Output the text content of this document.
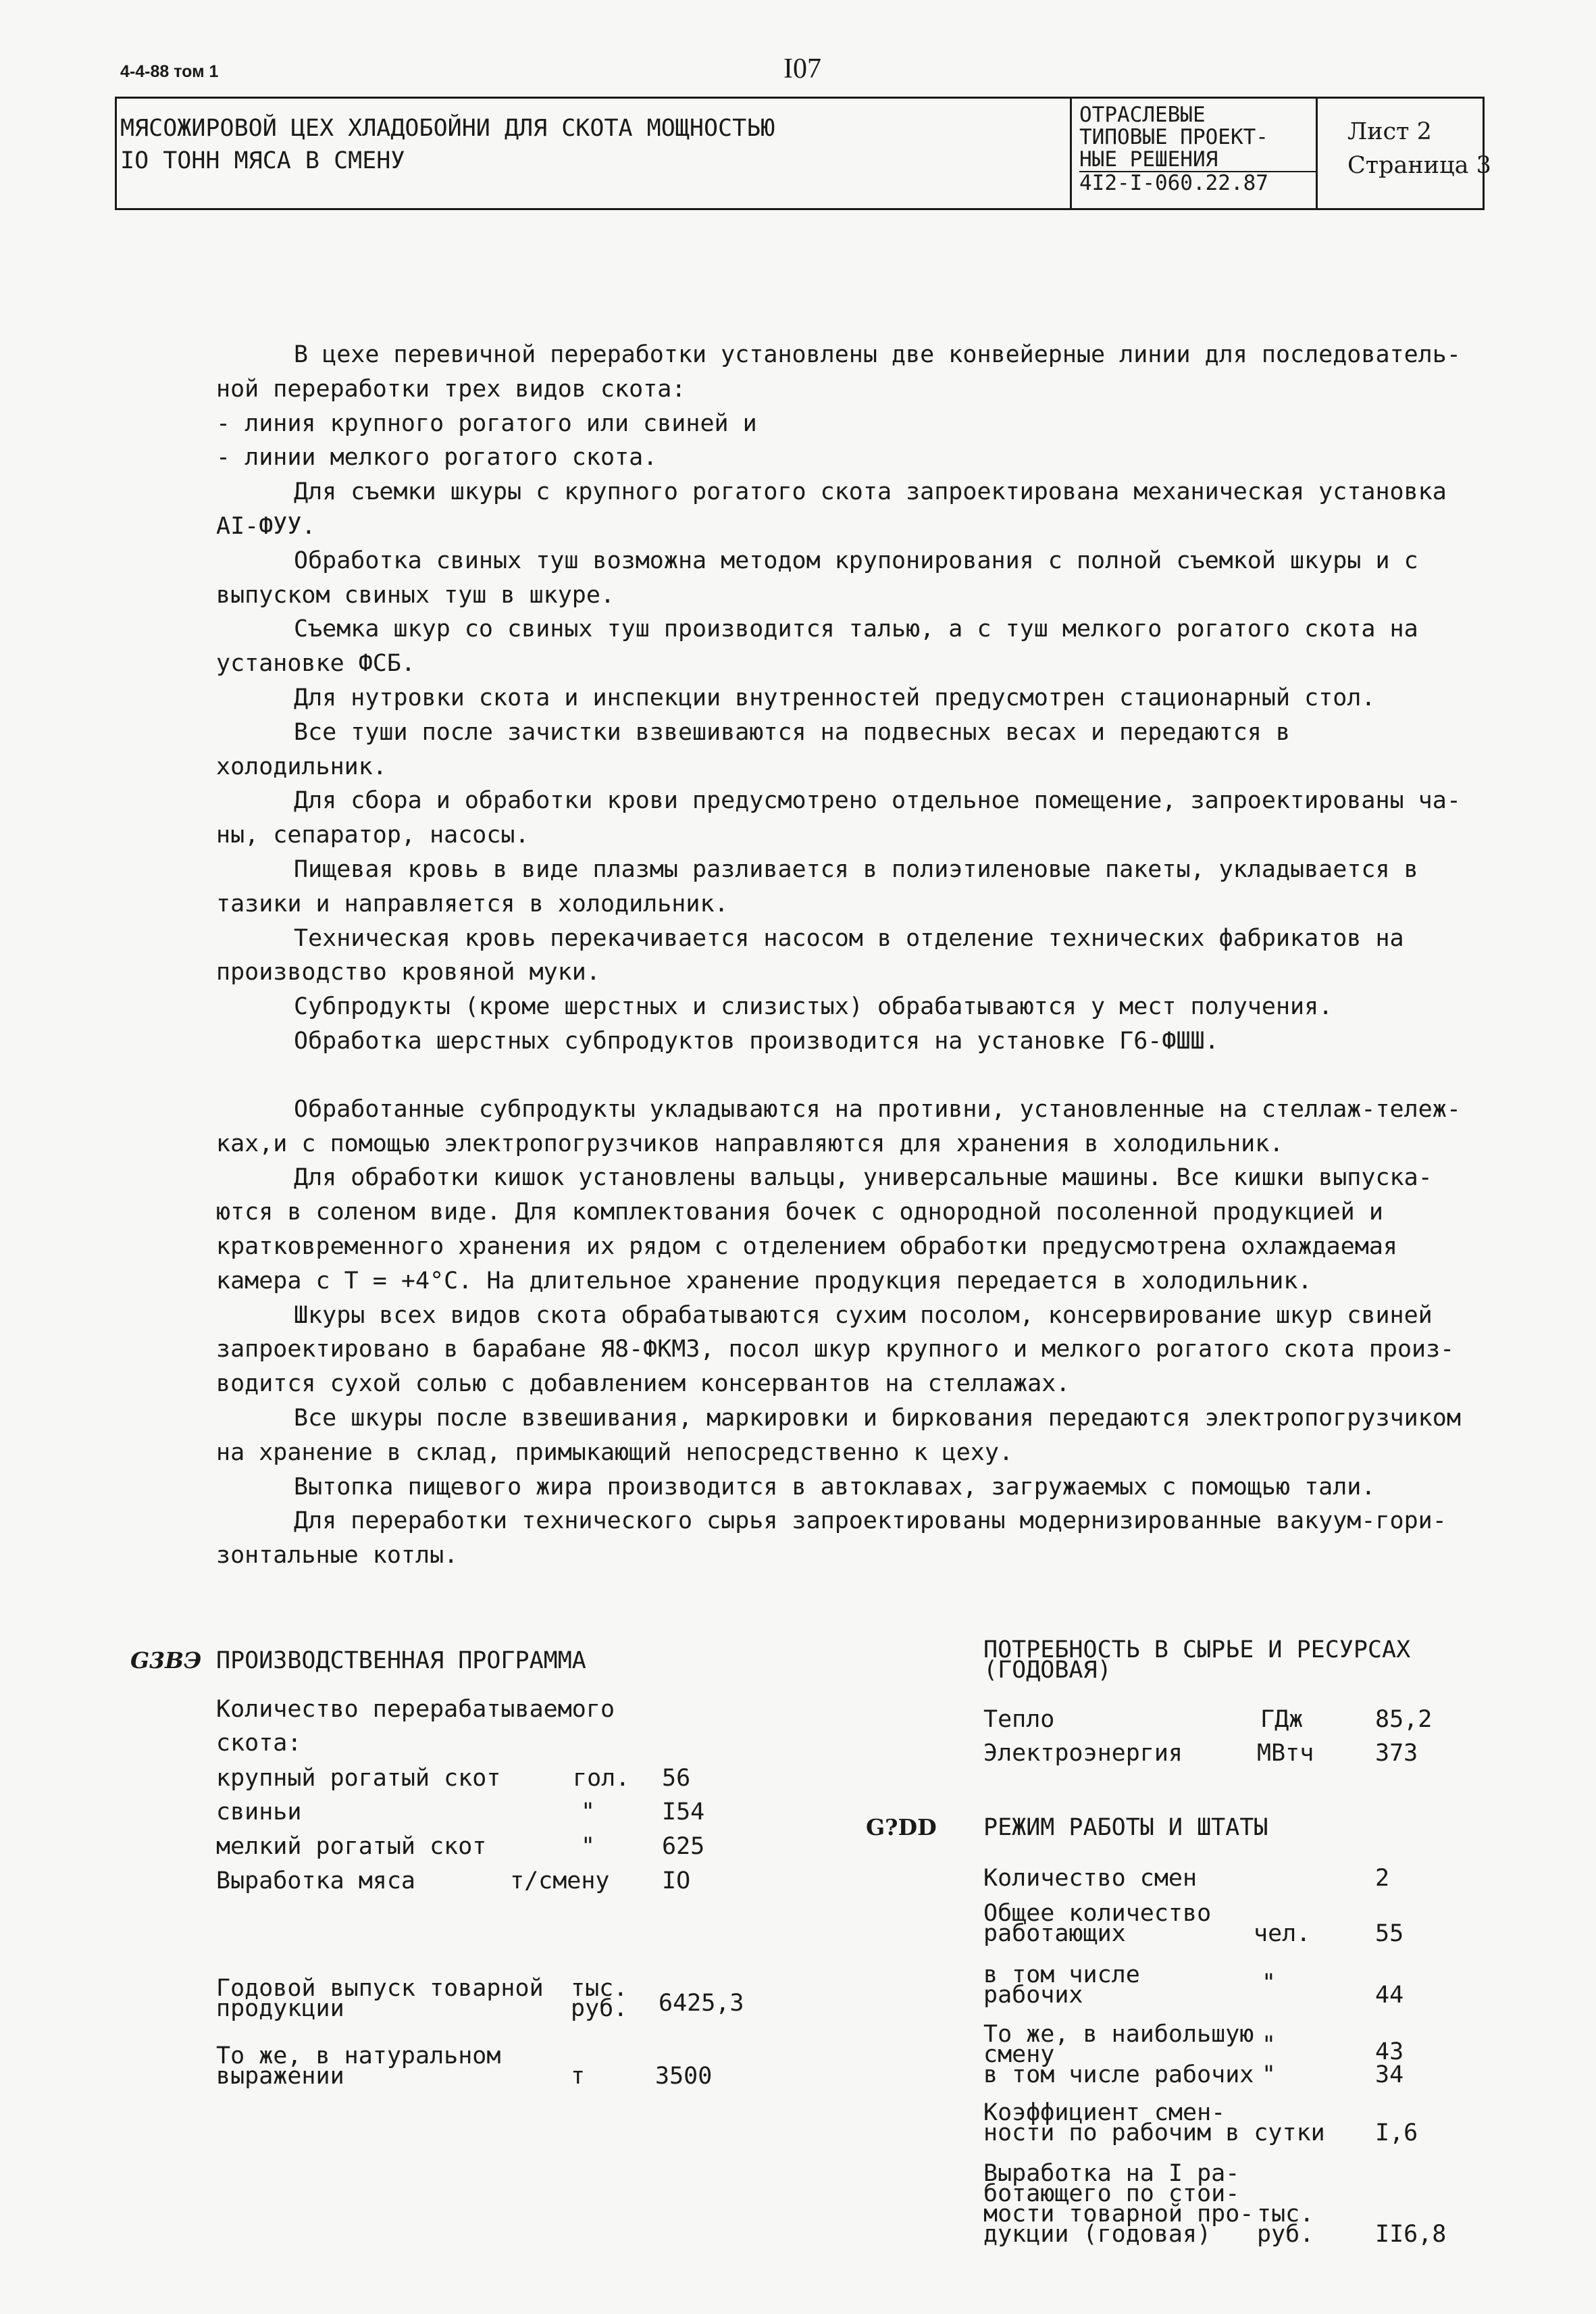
4-4-88 том 1	I07
МЯСОЖИРОВОЙ ЦЕХ ХЛАДОБОЙНИ ДЛЯ СКОТА МОЩНОСТЬЮ
IO ТОНН МЯСА В СМЕНУ
ОТРАСЛЕВЫЕ
ТИПОВЫЕ ПРОЕКТ-
НЫЕ РЕШЕНИЯ
4I2-I-060.22.87
Лист 2
Страница 3

В цехе перевичной переработки установлены две конвейерные линии для последователь-

ной переработки трех видов скота:

- линия крупного рогатого или свиней и

- линии мелкого рогатого скота.

Для съемки шкуры с крупного рогатого скота запроектирована механическая установка

AI-ФУУ.

Обработка свиных туш возможна методом крупонирования с полной съемкой шкуры и с

выпуском свиных туш в шкуре.

Съемка шкур со свиных туш производится талью, а с туш мелкого рогатого скота на

установке ФСБ.

Для нутровки скота и инспекции внутренностей предусмотрен стационарный стол.

Все туши после зачистки взвешиваются на подвесных весах и передаются в холодильник.

Для сбора и обработки крови предусмотрено отдельное помещение, запроектированы ча-

ны, сепаратор, насосы.

Пищевая кровь в виде плазмы разливается в полиэтиленовые пакеты, укладывается в

тазики и направляется в холодильник.

Техническая кровь перекачивается насосом в отделение технических фабрикатов на

производство кровяной муки.

Субпродукты (кроме шерстных и слизистых) обрабатываются у мест получения.

Обработка шерстных субпродуктов производится на установке Г6-ФШШ.

Обработанные субпродукты укладываются на противни, установленные на стеллаж-тележ-

ках,и с помощью электропогрузчиков направляются для хранения в холодильник.

Для обработки кишок установлены вальцы, универсальные машины. Все кишки выпуска-

ются в соленом виде. Для комплектования бочек с однородной посоленной продукцией и

кратковременного хранения их рядом с отделением обработки предусмотрена охлаждаемая

камера с Т = +4°С. На длительное хранение продукция передается в холодильник.

Шкуры всех видов скота обрабатываются сухим посолом, консервирование шкур свиней

запроектировано в барабане Я8-ФКМЗ, посол шкур крупного и мелкого рогатого скота произ-

водится сухой солью с добавлением консервантов на стеллажах.

Все шкуры после взвешивания, маркировки и биркования передаются электропогрузчиком

на хранение в склад, примыкающий непосредственно к цеху.

Вытопка пищевого жира производится в автоклавах, загружаемых с помощью тали.

Для переработки технического сырья запроектированы модернизированные вакуум-гори-

зонтальные котлы.

G3ВЭ
G?DD
ПРОИЗВОДСТВЕННАЯ ПРОГРАММА
Количество перерабатываемого
скота:
крупный рогатый скот	гол. 56
свиньи	"	I54
мелкий рогатый скот	"	625
Выработка мяса	т/смену IO
Годовой выпуск товарной
продукции
тыс.
руб. 6425,3
То же, в натуральном
выражении	т	3500
ПОТРЕБНОСТЬ В СЫРЬЕ И РЕСУРСАХ
(ГОДОВАЯ)
Тепло	ГДж	85,2
Электроэнергия	МВтч	373
РЕЖИМ РАБОТЫ И ШТАТЫ
Количество смен	2
Общее количество
работающих	чел.	55
в том числе
рабочих	"	44
То же, в наибольшую
смену	"	43
в том числе рабочих "	34
Коэффициент смен-
ности по рабочим в сутки I,6
Выработка на I ра-
ботающего по стои-
мости товарной про-
дукции (годовая)
тыс.
руб.	II6,8
